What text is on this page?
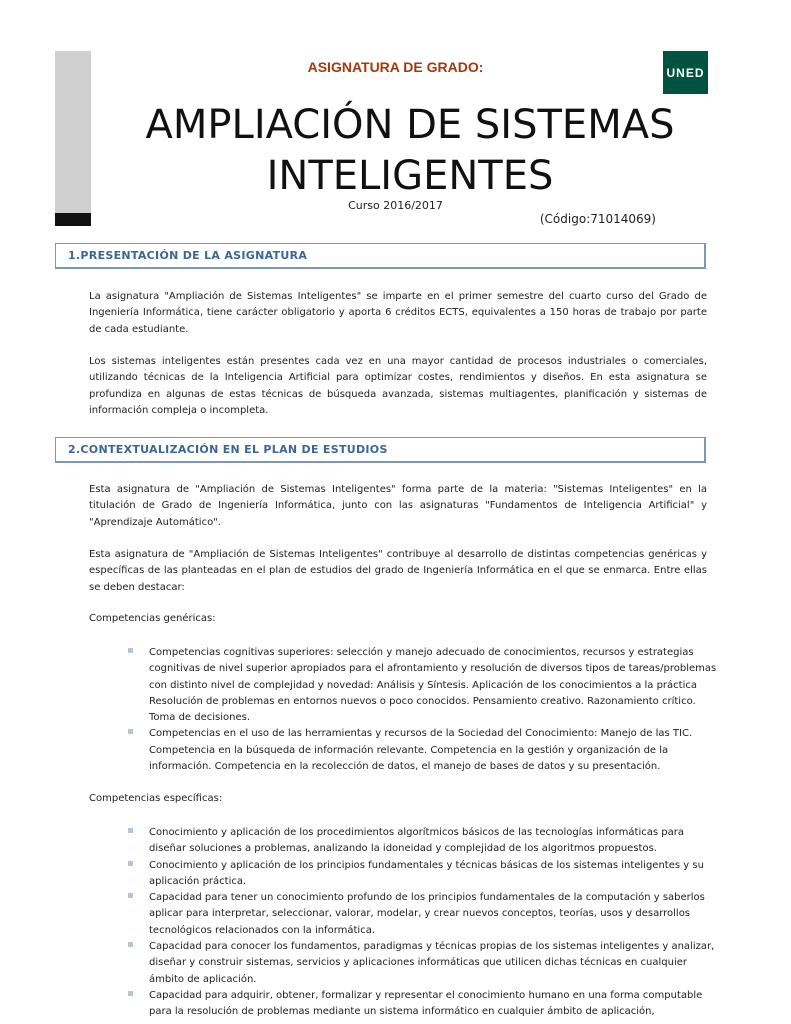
ASIGNATURA DE GRADO:	UNED
AMPLIACIÓN DE SISTEMAS
INTELIGENTES
Curso 2016/2017
(Código:71014069)
1.PRESENTACIÓN DE LA ASIGNATURA
La asignatura "Ampliación de Sistemas Inteligentes" se imparte en el primer semestre del cuarto curso del Grado de Ingeniería Informática, tiene carácter obligatorio y aporta 6 créditos ECTS, equivalentes a 150 horas de trabajo por parte de cada estudiante.
Los sistemas inteligentes están presentes cada vez en una mayor cantidad de procesos industriales o comerciales, utilizando técnicas de la Inteligencia Artificial para optimizar costes, rendimientos y diseños. En esta asignatura se profundiza en algunas de estas técnicas de búsqueda avanzada, sistemas multiagentes, planificación y sistemas de información compleja o incompleta.
2.CONTEXTUALIZACIÓN EN EL PLAN DE ESTUDIOS
Esta asignatura de "Ampliación de Sistemas Inteligentes" forma parte de la materia: "Sistemas Inteligentes" en la titulación de Grado de Ingeniería Informática, junto con las asignaturas "Fundamentos de Inteligencia Artificial" y "Aprendizaje Automático".
Esta asignatura de "Ampliación de Sistemas Inteligentes" contribuye al desarrollo de distintas competencias genéricas y específicas de las planteadas en el plan de estudios del grado de Ingeniería Informática en el que se enmarca. Entre ellas se deben destacar:
Competencias genéricas:
Competencias cognitivas superiores: selección y manejo adecuado de conocimientos, recursos y estrategias cognitivas de nivel superior apropiados para el afrontamiento y resolución de diversos tipos de tareas/problemas con distinto nivel de complejidad y novedad: Análisis y Síntesis. Aplicación de los conocimientos a la práctica Resolución de problemas en entornos nuevos o poco conocidos. Pensamiento creativo. Razonamiento crítico. Toma de decisiones.
Competencias en el uso de las herramientas y recursos de la Sociedad del Conocimiento: Manejo de las TIC. Competencia en la búsqueda de información relevante. Competencia en la gestión y organización de la información. Competencia en la recolección de datos, el manejo de bases de datos y su presentación.
Competencias específicas:
Conocimiento y aplicación de los procedimientos algorítmicos básicos de las tecnologías informáticas para diseñar soluciones a problemas, analizando la idoneidad y complejidad de los algoritmos propuestos.
Conocimiento y aplicación de los principios fundamentales y técnicas básicas de los sistemas inteligentes y su aplicación práctica.
Capacidad para tener un conocimiento profundo de los principios fundamentales de la computación y saberlos aplicar para interpretar, seleccionar, valorar, modelar, y crear nuevos conceptos, teorías, usos y desarrollos tecnológicos relacionados con la informática.
Capacidad para conocer los fundamentos, paradigmas y técnicas propias de los sistemas inteligentes y analizar, diseñar y construir sistemas, servicios y aplicaciones informáticas que utilicen dichas técnicas en cualquier ámbito de aplicación.
Capacidad para adquirir, obtener, formalizar y representar el conocimiento humano en una forma computable para la resolución de problemas mediante un sistema informático en cualquier ámbito de aplicación,
